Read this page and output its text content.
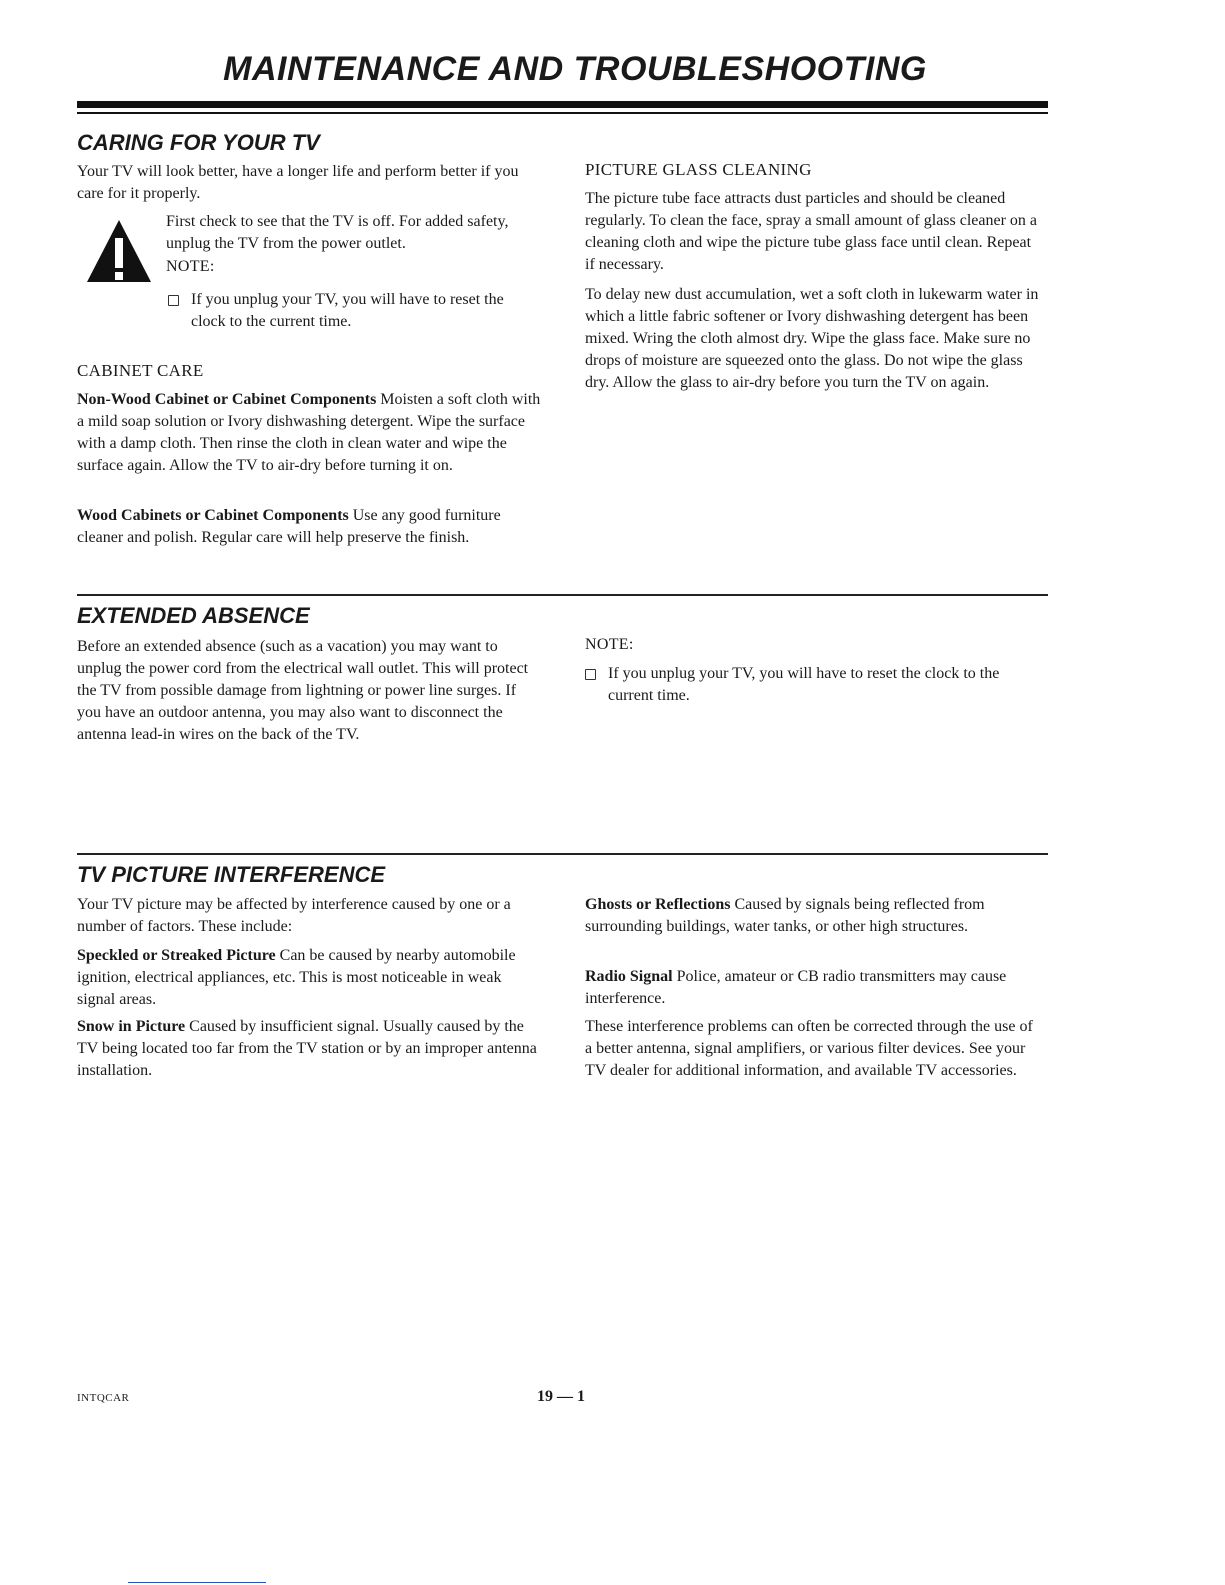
MAINTENANCE AND TROUBLESHOOTING
CARING FOR YOUR TV

Your TV will look better, have a longer life and perform better if you care for it properly.

First check to see that the TV is off. For added safety, unplug the TV from the power outlet.

NOTE:
If you unplug your TV, you will have to reset the clock to the current time.
CABINET CARE

Non-Wood Cabinet or Cabinet Components Moisten a soft cloth with a mild soap solution or Ivory dishwashing detergent. Wipe the surface with a damp cloth. Then rinse the cloth in clean water and wipe the surface again. Allow the TV to air-dry before turning it on.

Wood Cabinets or Cabinet Components Use any good furniture cleaner and polish. Regular care will help preserve the finish.

PICTURE GLASS CLEANING

The picture tube face attracts dust particles and should be cleaned regularly. To clean the face, spray a small amount of glass cleaner on a cleaning cloth and wipe the picture tube glass face until clean. Repeat if necessary.

To delay new dust accumulation, wet a soft cloth in lukewarm water in which a little fabric softener or Ivory dishwashing detergent has been mixed. Wring the cloth almost dry. Wipe the glass face. Make sure no drops of moisture are squeezed onto the glass. Do not wipe the glass dry. Allow the glass to air-dry before you turn the TV on again.

EXTENDED ABSENCE

Before an extended absence (such as a vacation) you may want to unplug the power cord from the electrical wall outlet. This will protect the TV from possible damage from lightning or power line surges. If you have an outdoor antenna, you may also want to disconnect the antenna lead-in wires on the back of the TV.

NOTE:
If you unplug your TV, you will have to reset the clock to the current time.
TV PICTURE INTERFERENCE

Your TV picture may be affected by interference caused by one or a number of factors. These include:

Speckled or Streaked Picture Can be caused by nearby automobile ignition, electrical appliances, etc. This is most noticeable in weak signal areas.

Snow in Picture Caused by insufficient signal. Usually caused by the TV being located too far from the TV station or by an improper antenna installation.

Ghosts or Reflections Caused by signals being reflected from surrounding buildings, water tanks, or other high structures.

Radio Signal Police, amateur or CB radio transmitters may cause interference.

These interference problems can often be corrected through the use of a better antenna, signal amplifiers, or various filter devices. See your TV dealer for additional information, and available TV accessories.

INTQCAR	19 — 1
